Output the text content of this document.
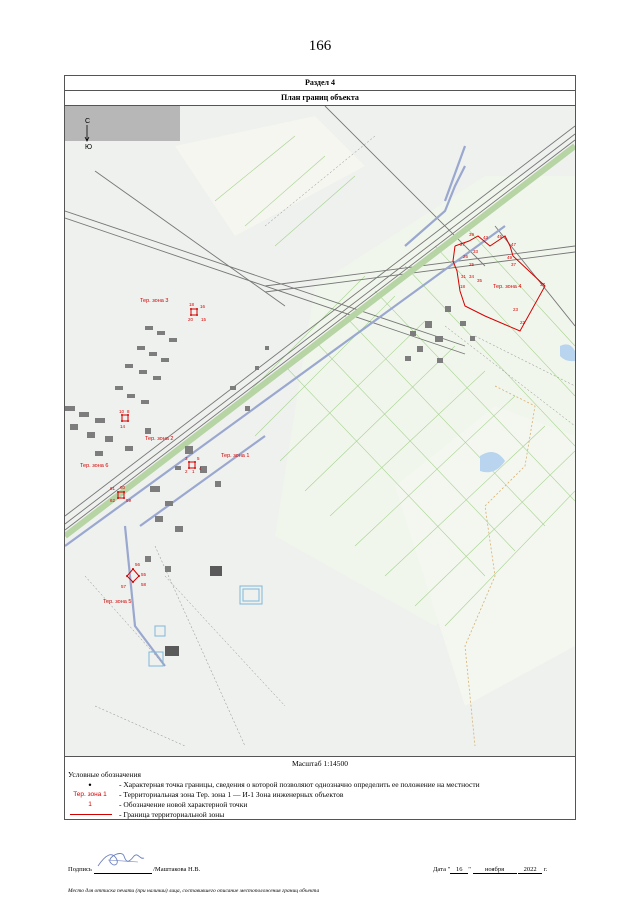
166
Раздел 4
План границ объекта
С
Ю
Тер. зона 3
Тер. зона 2
Тер. зона 1
Тер. зона 6
Тер. зона 5
Тер. зона 4
18 16
20 15
10 8
14
3 5
2 1
4
61 60
62 59
56
55
57	58
43 45
47
39
27
26	49
33
37
25
31 34
35
37
23
22
18
Масштаб 1:14500
Условные обозначения
•	- Характерная точка границы, сведения о которой позволяют однозначно определить ее положение на местности
Тер. зона 1	- Территориальная зона Тер. зона 1 — И-1 Зона инженерных объектов
1	- Обозначение новой характерной точки
- Граница территориальной зоны
Подпись	/Маштакова Н.В.	Дата " 16 " ноября	2022 г.
Место для оттиска печати (при наличии) лица, составившего описание местоположения границ объекта
